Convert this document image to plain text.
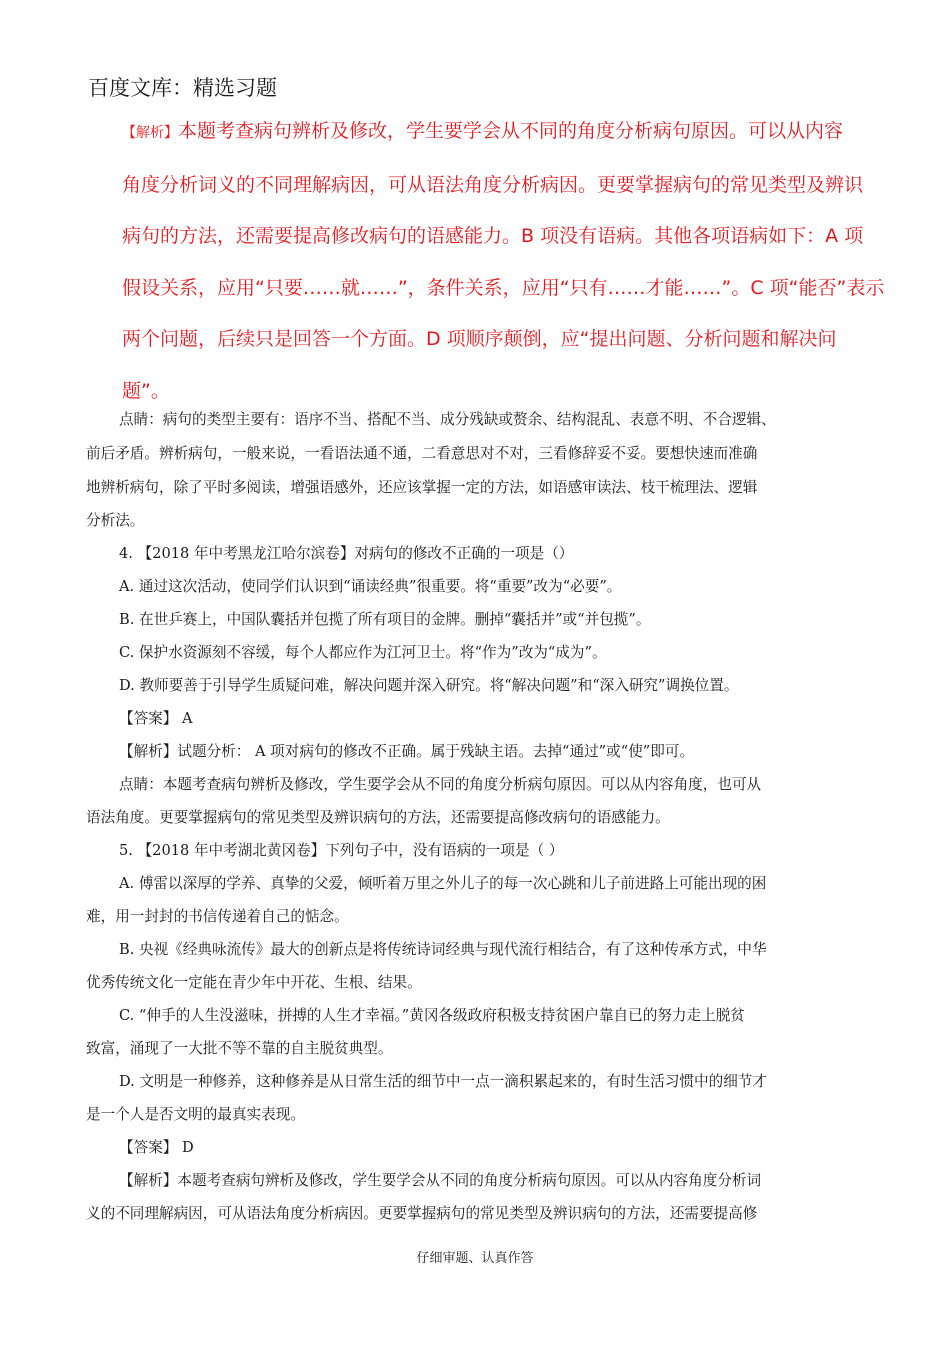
百度文库：精选习题
【解析】本题考查病句辨析及修改，学生要学会从不同的角度分析病句原因。可以从内容
角度分析词义的不同理解病因，可从语法角度分析病因。更要掌握病句的常见类型及辨识
病句的方法，还需要提高修改病句的语感能力。B 项没有语病。其他各项语病如下：A 项
假设关系，应用“只要……就……”，条件关系，应用“只有……才能……”。C 项“能否”表示
两个问题，后续只是回答一个方面。D 项顺序颠倒，应“提出问题、分析问题和解决问
题”。
点睛：病句的类型主要有：语序不当、搭配不当、成分残缺或赘余、结构混乱、表意不明、不合逻辑、
前后矛盾。辨析病句，一般来说，一看语法通不通，二看意思对不对，三看修辞妥不妥。要想快速而准确
地辨析病句，除了平时多阅读，增强语感外，还应该掌握一定的方法，如语感审读法、枝干梳理法、逻辑
分析法。
4. 【2018 年中考黑龙江哈尔滨卷】对病句的修改不正确的一项是（）
A. 通过这次活动，使同学们认识到“诵读经典”很重要。将“重要”改为“必要”。
B. 在世乒赛上，中国队囊括并包揽了所有项目的金牌。删掉“囊括并”或“并包揽”。
C. 保护水资源刻不容缓，每个人都应作为江河卫士。将“作为”改为“成为”。
D. 教师要善于引导学生质疑问难，解决问题并深入研究。将“解决问题”和“深入研究”调换位置。
【答案】 A
【解析】试题分析： A 项对病句的修改不正确。属于残缺主语。去掉“通过”或“使”即可。
点睛：本题考查病句辨析及修改，学生要学会从不同的角度分析病句原因。可以从内容角度，也可从
语法角度。更要掌握病句的常见类型及辨识病句的方法，还需要提高修改病句的语感能力。
5. 【2018 年中考湖北黄冈卷】下列句子中，没有语病的一项是（ ）
A. 傅雷以深厚的学养、真挚的父爱，倾听着万里之外儿子的每一次心跳和儿子前进路上可能出现的困
难，用一封封的书信传递着自己的惦念。
B. 央视《经典咏流传》最大的创新点是将传统诗词经典与现代流行相结合，有了这种传承方式，中华
优秀传统文化一定能在青少年中开花、生根、结果。
C. “伸手的人生没滋味，拼搏的人生才幸福。”黄冈各级政府积极支持贫困户靠自已的努力走上脱贫
致富，涌现了一大批不等不靠的自主脱贫典型。
D. 文明是一种修养，这种修养是从日常生活的细节中一点一滴积累起来的，有时生活习惯中的细节才
是一个人是否文明的最真实表现。
【答案】 D
【解析】本题考查病句辨析及修改，学生要学会从不同的角度分析病句原因。可以从内容角度分析词
义的不同理解病因，可从语法角度分析病因。更要掌握病句的常见类型及辨识病句的方法，还需要提高修
仔细审题、认真作答
